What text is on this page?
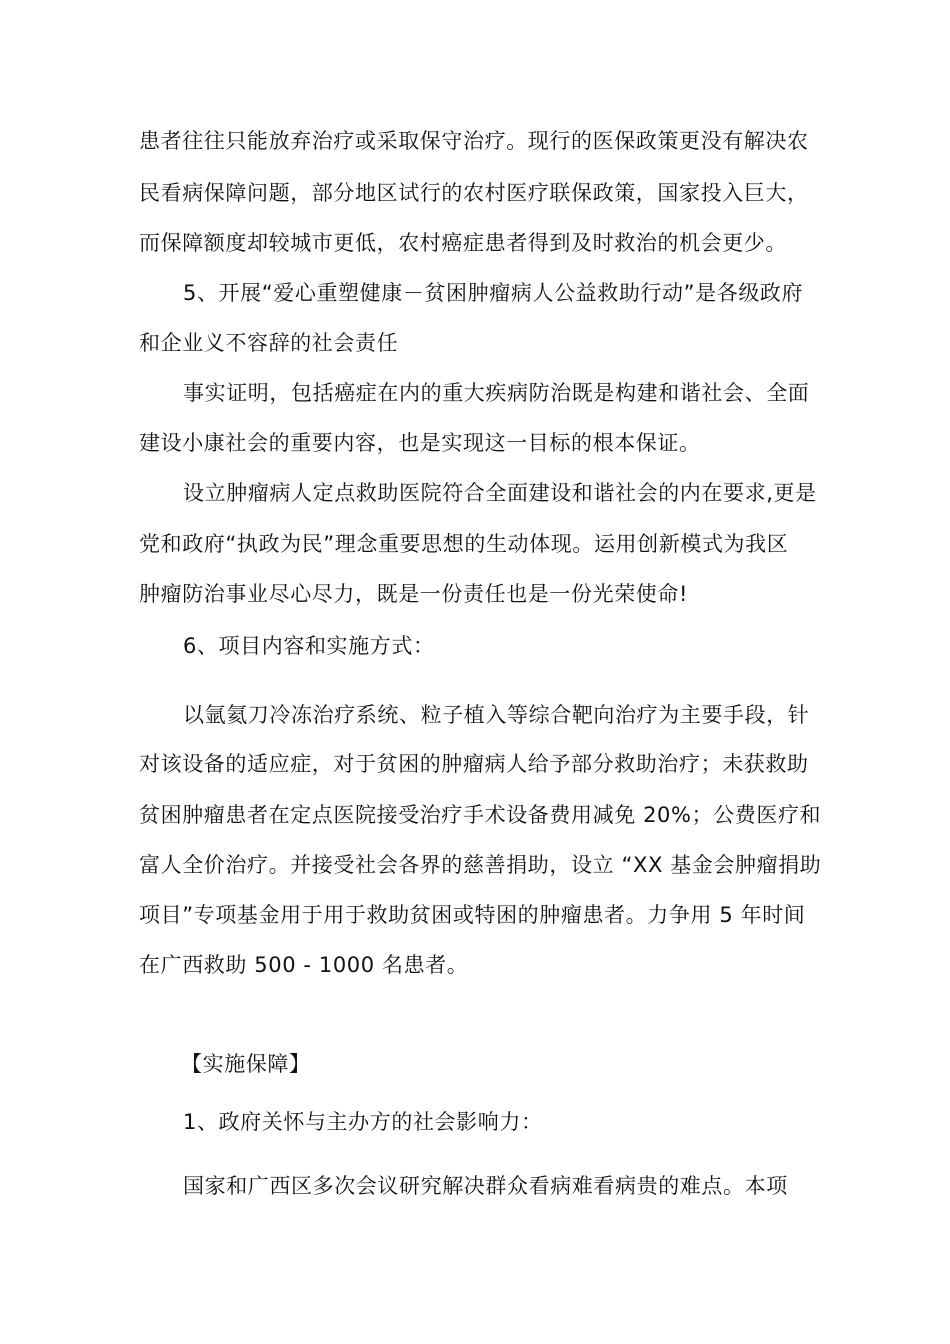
患者往往只能放弃治疗或采取保守治疗。现行的医保政策更没有解决农
民看病保障问题，部分地区试行的农村医疗联保政策，国家投入巨大，
而保障额度却较城市更低，农村癌症患者得到及时救治的机会更少。
5、开展“爱心重塑健康－贫困肿瘤病人公益救助行动”是各级政府
和企业义不容辞的社会责任
事实证明，包括癌症在内的重大疾病防治既是构建和谐社会、全面
建设小康社会的重要内容，也是实现这一目标的根本保证。
设立肿瘤病人定点救助医院符合全面建设和谐社会的内在要求,更是
党和政府“执政为民”理念重要思想的生动体现。运用创新模式为我区
肿瘤防治事业尽心尽力，既是一份责任也是一份光荣使命!
6、项目内容和实施方式：
以氩氦刀冷冻治疗系统、粒子植入等综合靶向治疗为主要手段，针
对该设备的适应症，对于贫困的肿瘤病人给予部分救助治疗；未获救助
贫困肿瘤患者在定点医院接受治疗手术设备费用减免 20%；公费医疗和
富人全价治疗。并接受社会各界的慈善捐助，设立 “XX 基金会肿瘤捐助
项目”专项基金用于用于救助贫困或特困的肿瘤患者。力争用 5 年时间
在广西救助 500 - 1000 名患者。
【实施保障】
1、政府关怀与主办方的社会影响力：
国家和广西区多次会议研究解决群众看病难看病贵的难点。本项
